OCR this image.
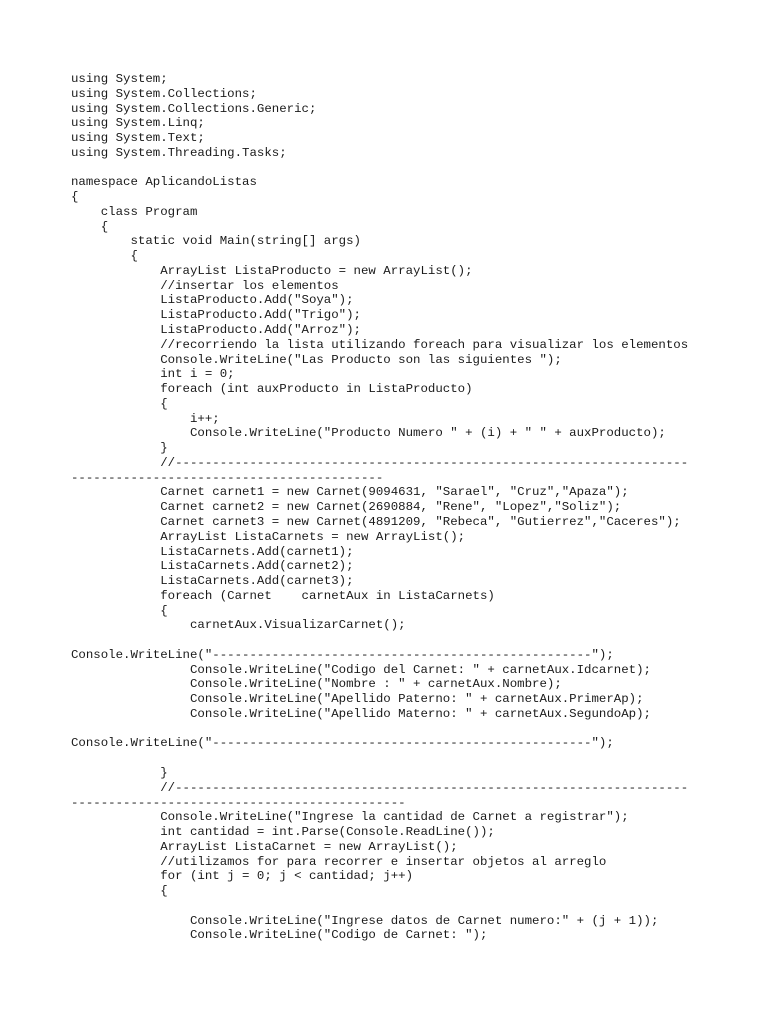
using System;
using System.Collections;
using System.Collections.Generic;
using System.Linq;
using System.Text;
using System.Threading.Tasks;
namespace AplicandoListas
{
class Program
{
static void Main(string[] args)
{
ArrayList ListaProducto = new ArrayList();
//insertar los elementos
ListaProducto.Add("Soya");
ListaProducto.Add("Trigo");
ListaProducto.Add("Arroz");
//recorriendo la lista utilizando foreach para visualizar los elementos
Console.WriteLine("Las Producto son las siguientes ");
int i = 0;
foreach (int auxProducto in ListaProducto)
{
i++;
Console.WriteLine("Producto Numero " + (i) + " " + auxProducto);
}
//---------------------------------------------------------------------
------------------------------------------
Carnet carnet1 = new Carnet(9094631, "Sarael", "Cruz","Apaza");
Carnet carnet2 = new Carnet(2690884, "Rene", "Lopez","Soliz");
Carnet carnet3 = new Carnet(4891209, "Rebeca", "Gutierrez","Caceres");
ArrayList ListaCarnets = new ArrayList();
ListaCarnets.Add(carnet1);
ListaCarnets.Add(carnet2);
ListaCarnets.Add(carnet3);
foreach (Carnet    carnetAux in ListaCarnets)
{
carnetAux.VisualizarCarnet();
Console.WriteLine("---------------------------------------------------");
Console.WriteLine("Codigo del Carnet: " + carnetAux.Idcarnet);
Console.WriteLine("Nombre : " + carnetAux.Nombre);
Console.WriteLine("Apellido Paterno: " + carnetAux.PrimerAp);
Console.WriteLine("Apellido Materno: " + carnetAux.SegundoAp);
Console.WriteLine("---------------------------------------------------");
}
//---------------------------------------------------------------------
---------------------------------------------
Console.WriteLine("Ingrese la cantidad de Carnet a registrar");
int cantidad = int.Parse(Console.ReadLine());
ArrayList ListaCarnet = new ArrayList();
//utilizamos for para recorrer e insertar objetos al arreglo
for (int j = 0; j < cantidad; j++)
{
Console.WriteLine("Ingrese datos de Carnet numero:" + (j + 1));
Console.WriteLine("Codigo de Carnet: ");
